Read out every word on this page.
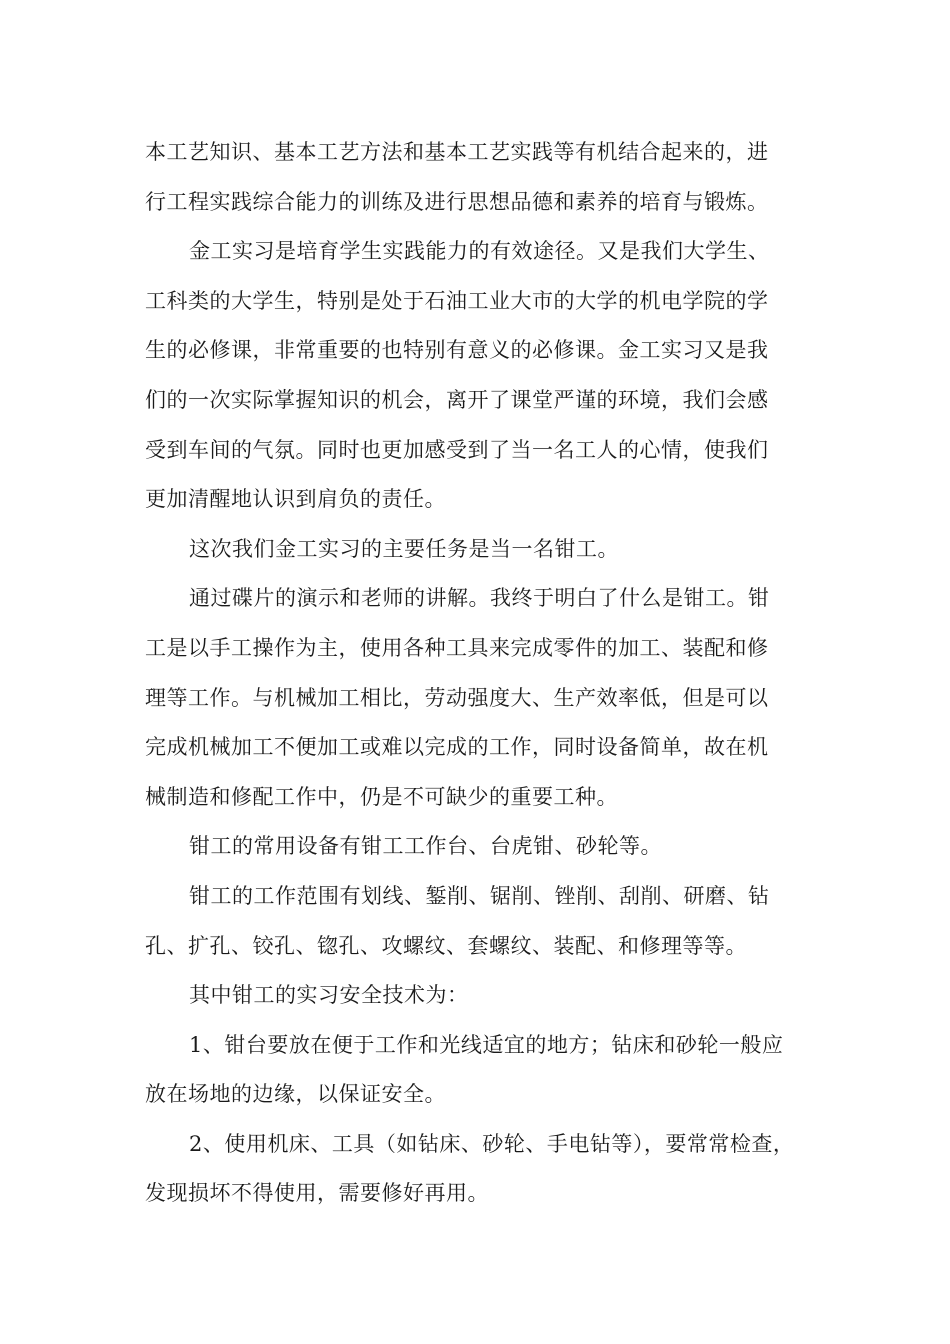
本工艺知识、基本工艺方法和基本工艺实践等有机结合起来的，进
行工程实践综合能力的训练及进行思想品德和素养的培育与锻炼。
金工实习是培育学生实践能力的有效途径。又是我们大学生、
工科类的大学生，特别是处于石油工业大市的大学的机电学院的学
生的必修课，非常重要的也特别有意义的必修课。金工实习又是我
们的一次实际掌握知识的机会，离开了课堂严谨的环境，我们会感
受到车间的气氛。同时也更加感受到了当一名工人的心情，使我们
更加清醒地认识到肩负的责任。
这次我们金工实习的主要任务是当一名钳工。
通过碟片的演示和老师的讲解。我终于明白了什么是钳工。钳
工是以手工操作为主，使用各种工具来完成零件的加工、装配和修
理等工作。与机械加工相比，劳动强度大、生产效率低，但是可以
完成机械加工不便加工或难以完成的工作，同时设备简单，故在机
械制造和修配工作中，仍是不可缺少的重要工种。
钳工的常用设备有钳工工作台、台虎钳、砂轮等。
钳工的工作范围有划线、錾削、锯削、锉削、刮削、研磨、钻
孔、扩孔、铰孔、锪孔、攻螺纹、套螺纹、装配、和修理等等。
其中钳工的实习安全技术为：
1、钳台要放在便于工作和光线适宜的地方；钻床和砂轮一般应
放在场地的边缘，以保证安全。
2、使用机床、工具（如钻床、砂轮、手电钻等），要常常检查，
发现损坏不得使用，需要修好再用。
